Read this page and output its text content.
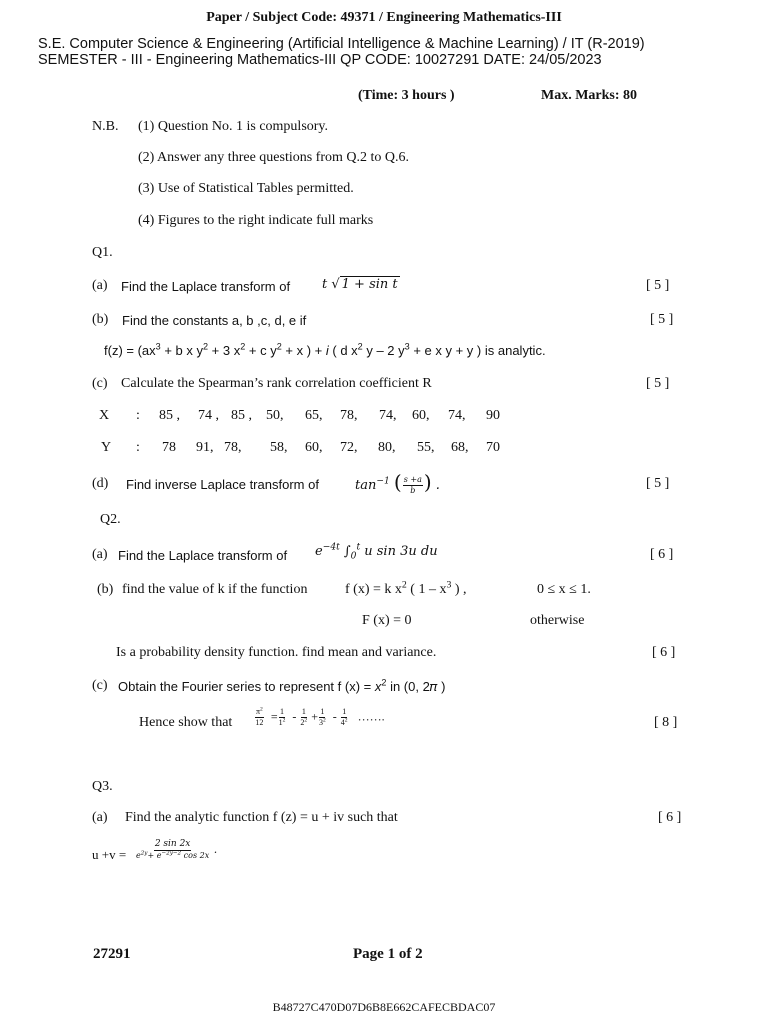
Paper / Subject Code: 49371 / Engineering Mathematics-III
S.E. Computer Science & Engineering (Artificial Intelligence & Machine Learning) / IT (R-2019)
SEMESTER - III - Engineering Mathematics-III QP CODE: 10027291 DATE: 24/05/2023
(Time: 3 hours )	Max. Marks: 80
N.B. (1) Question No. 1 is compulsory.
(2) Answer any three questions from Q.2 to Q.6.
(3) Use of Statistical Tables permitted.
(4) Figures to the right indicate full marks
Q1.
(a) Find the Laplace transform of t √ 1 + sin t	[ 5 ]
(b) Find the constants a, b ,c, d, e if	[ 5 ]
$f(z) = (ax^3 + b$ x $y^2 + 3$ $x^2 + c$ $y^2 + x$ ) + i ( d $x^2$ y – 2 $y^3 + e$ x y + y ) is analytic.
(c) Calculate the Spearman’s rank correlation coefficient R	[ 5 ]
X : 85 , 74 , 85 , 50, 65, 78, 74, 60, 74, 90
Y : 78 91, 78, 58, 60, 72, 80, 55, 68, 70
(d) Find inverse Laplace transform of	$\tan^{-1}$ ( $\frac{s +a}{b}$ ) .	[ 5 ]
Q2.
(a) Find the Laplace transform of $e^{-4t}$ $\int_0^t$ u sin 3u du	[ 6 ]
(b) find the value of k if the function	f (x) = k $x^2$ ( $1 - x^3$ ) ,	0 ≤ x ≤ 1.
F (x) = 0	otherwise
Is a probability density function. find mean and variance.	[ 6 ]
(c) Obtain the Fourier series to represent f $(x) = x^2$ in (0, 2𝜋 )
Hence show that	$\frac{\pi^2}{12} = \frac{1}{1^2} - \frac{1}{2^2} + \frac{1}{3^2} - \frac{1}{4^2}$ …….	[ 8 ]
Q3.
(a) Find the analytic function f (z) = u + iv such that	[ 6 ]
$u +v = \frac{2 \sin 2x}{e^{2y}+ e^{-2y-2} \cos 2x}$ .
27291	Page 1 of 2
B48727C470D07D6B8E662CAFECBDAC07
